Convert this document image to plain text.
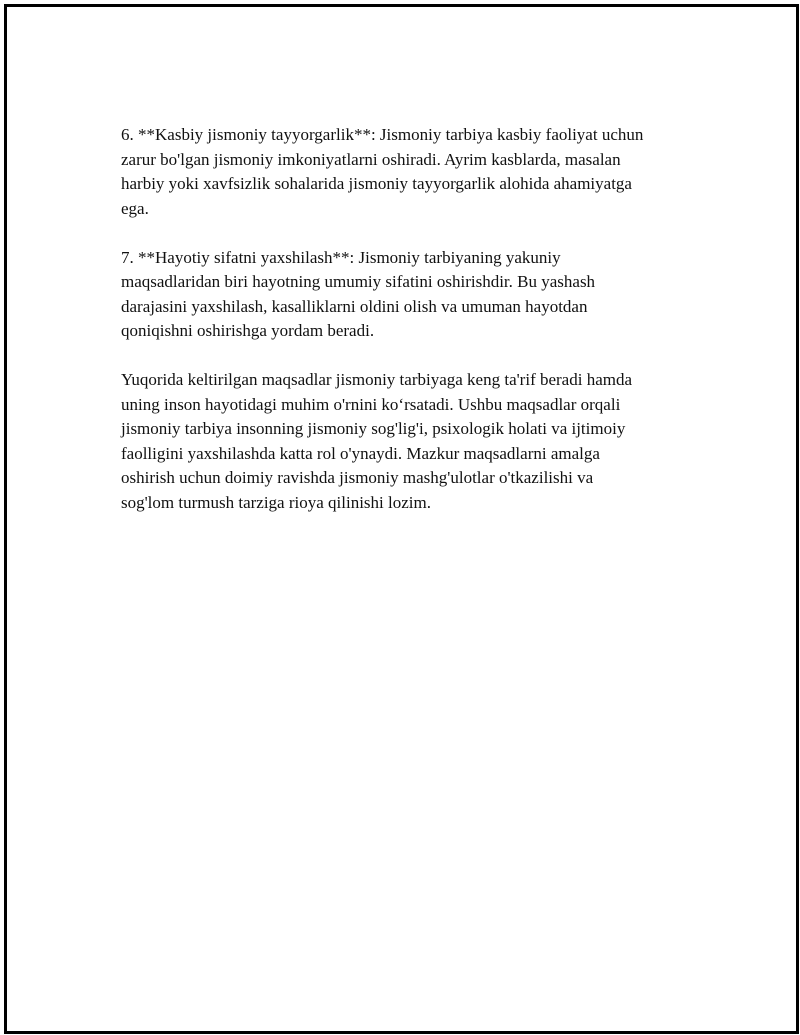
6. **Kasbiy jismoniy tayyorgarlik**: Jismoniy tarbiya kasbiy faoliyat uchun
zarur bo'lgan jismoniy imkoniyatlarni oshiradi. Ayrim kasblarda, masalan
harbiy yoki xavfsizlik sohalarida jismoniy tayyorgarlik alohida ahamiyatga
ega.

7. **Hayotiy sifatni yaxshilash**: Jismoniy tarbiyaning yakuniy
maqsadlaridan biri hayotning umumiy sifatini oshirishdir. Bu yashash
darajasini yaxshilash, kasalliklarni oldini olish va umuman hayotdan
qoniqishni oshirishga yordam beradi.

Yuqorida keltirilgan maqsadlar jismoniy tarbiyaga keng ta'rif beradi hamda
uning inson hayotidagi muhim o'rnini ko‘rsatadi. Ushbu maqsadlar orqali
jismoniy tarbiya insonning jismoniy sog'lig'i, psixologik holati va ijtimoiy
faolligini yaxshilashda katta rol o'ynaydi. Mazkur maqsadlarni amalga
oshirish uchun doimiy ravishda jismoniy mashg'ulotlar o'tkazilishi va
sog'lom turmush tarziga rioya qilinishi lozim.
